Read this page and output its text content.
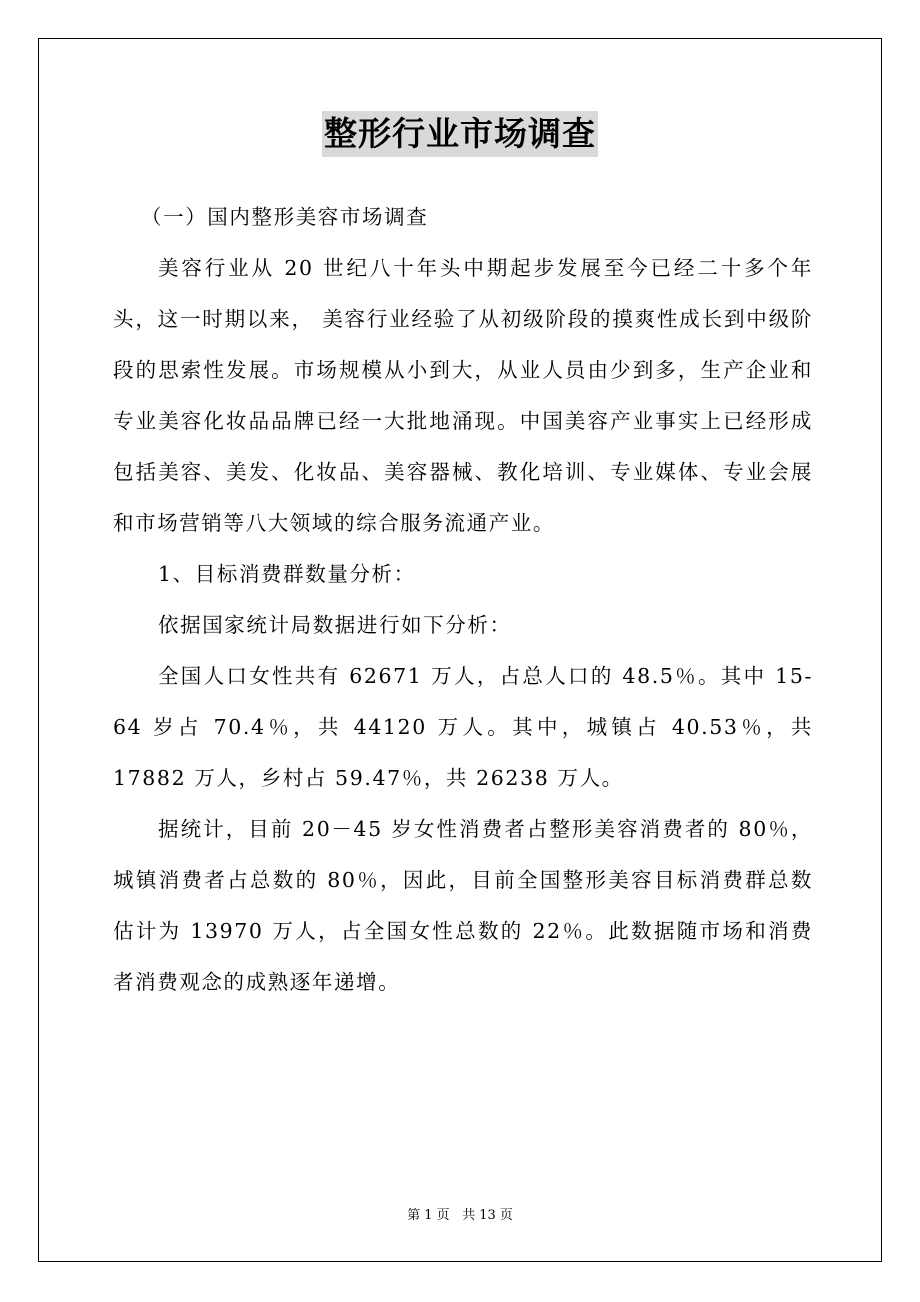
整形行业市场调查

（一）国内整形美容市场调查

美容行业从 20 世纪八十年头中期起步发展至今已经二十多个年头，这一时期以来， 美容行业经验了从初级阶段的摸爽性成长到中级阶段的思索性发展。市场规模从小到大，从业人员由少到多，生产企业和专业美容化妆品品牌已经一大批地涌现。中国美容产业事实上已经形成包括美容、美发、化妆品、美容器械、教化培训、专业媒体、专业会展和市场营销等八大领域的综合服务流通产业。

1、目标消费群数量分析：

依据国家统计局数据进行如下分析：

全国人口女性共有 62671 万人，占总人口的 48.5％。其中 15-64 岁占 70.4％，共 44120 万人。其中，城镇占 40.53％，共 17882 万人，乡村占 59.47％，共 26238 万人。

据统计，目前 20－45 岁女性消费者占整形美容消费者的 80％，城镇消费者占总数的 80％，因此，目前全国整形美容目标消费群总数估计为 13970 万人，占全国女性总数的 22％。此数据随市场和消费者消费观念的成熟逐年递增。

第 1 页 共 13 页
